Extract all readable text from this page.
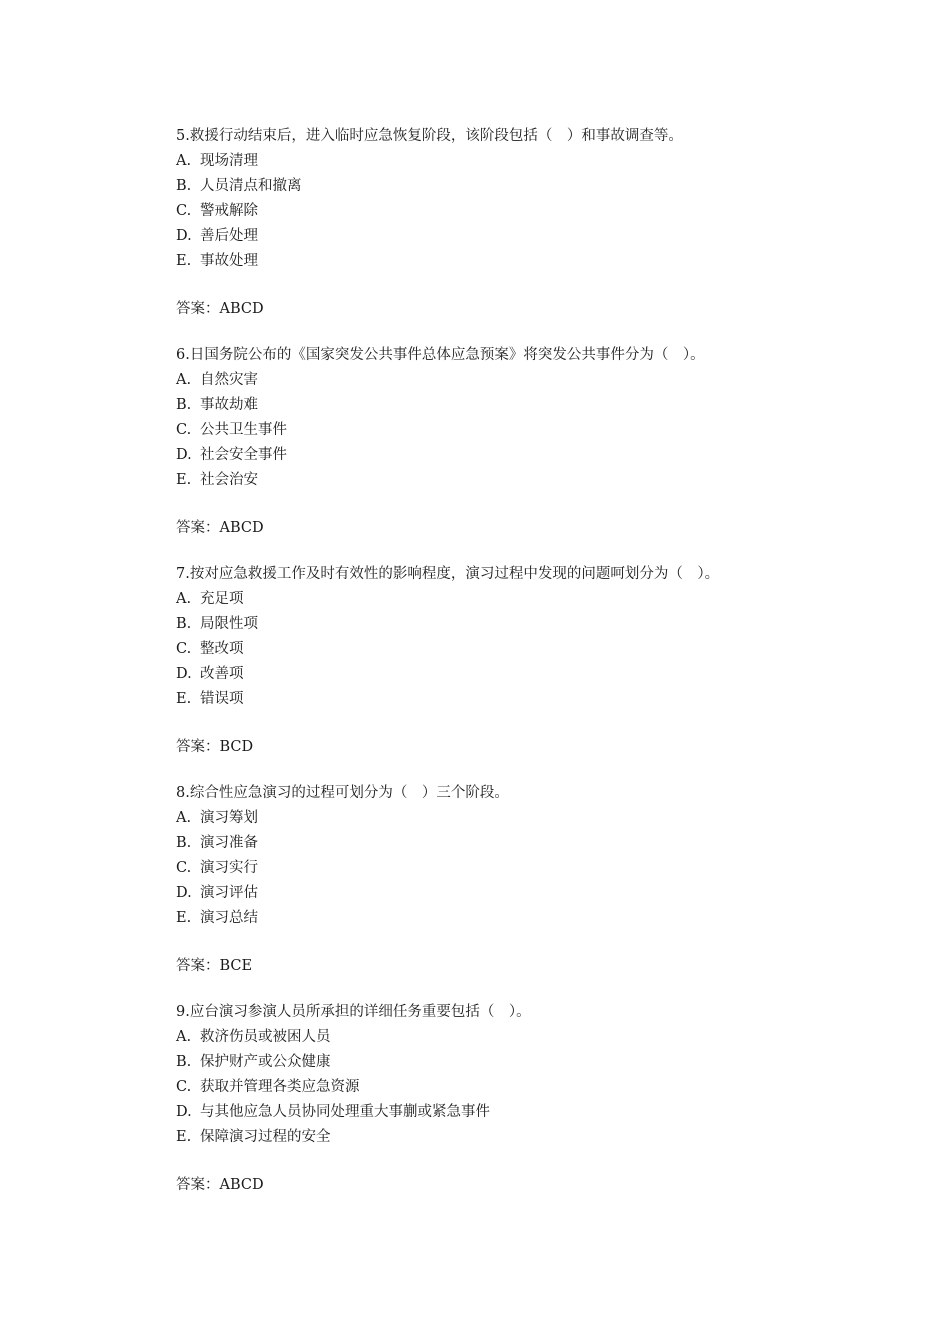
5.救援行动结束后，进入临时应急恢复阶段，该阶段包括（　）和事故调查等。
A. 现场清理
B. 人员清点和撤离
C. 警戒解除
D. 善后处理
E. 事故处理
答案：ABCD
6.日国务院公布的《国家突发公共事件总体应急预案》将突发公共事件分为（　）。
A. 自然灾害
B. 事故劫难
C. 公共卫生事件
D. 社会安全事件
E. 社会治安
答案：ABCD
7.按对应急救援工作及时有效性的影响程度，演习过程中发现的问题呵划分为（　）。
A. 充足项
B. 局限性项
C. 整改项
D. 改善项
E. 错误项
答案：BCD
8.综合性应急演习的过程可划分为（　）三个阶段。
A. 演习筹划
B. 演习准备
C. 演习实行
D. 演习评估
E. 演习总结
答案：BCE
9.应台演习参演人员所承担的详细任务重要包括（　）。
A. 救济伤员或被困人员
B. 保护财产或公众健康
C. 获取并管理各类应急资源
D. 与其他应急人员协同处理重大事蒯或紧急事件
E. 保障演习过程的安全
答案：ABCD
